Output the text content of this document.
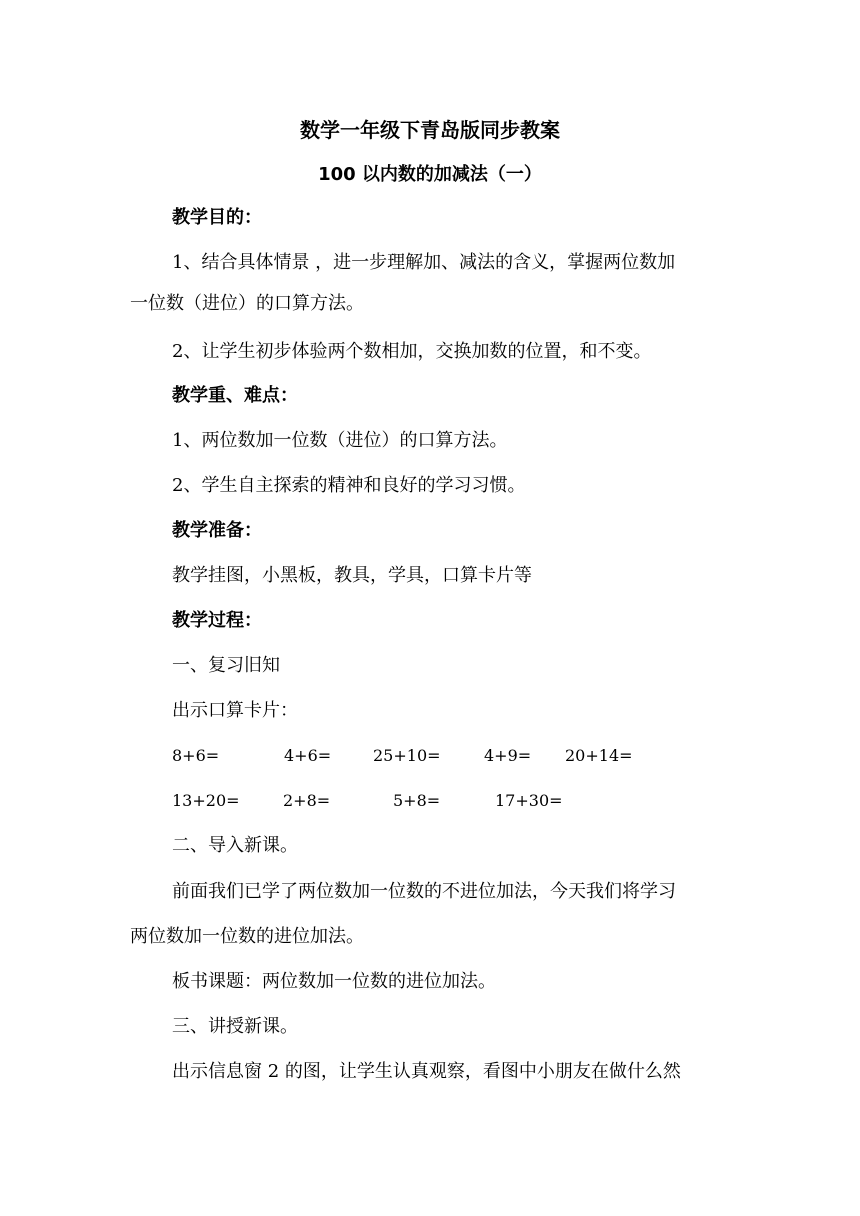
数学一年级下青岛版同步教案
100 以内数的加减法（一）
教学目的：
1、结合具体情景 ，进一步理解加、减法的含义，掌握两位数加
一位数（进位）的口算方法。
2、让学生初步体验两个数相加，交换加数的位置，和不变。
教学重、难点：
1、两位数加一位数（进位）的口算方法。
2、学生自主探索的精神和良好的学习习惯。
教学准备：
教学挂图，小黑板，教具，学具，口算卡片等
教学过程：
一、复习旧知
出示口算卡片：
8+6=	4+6=	25+10=	4+9= 20+14=
13+20=	2+8=	5+8=	17+30=
二、导入新课。
前面我们已学了两位数加一位数的不进位加法，今天我们将学习
两位数加一位数的进位加法。
板书课题：两位数加一位数的进位加法。
三、讲授新课。
出示信息窗 2 的图，让学生认真观察，看图中小朋友在做什么然
